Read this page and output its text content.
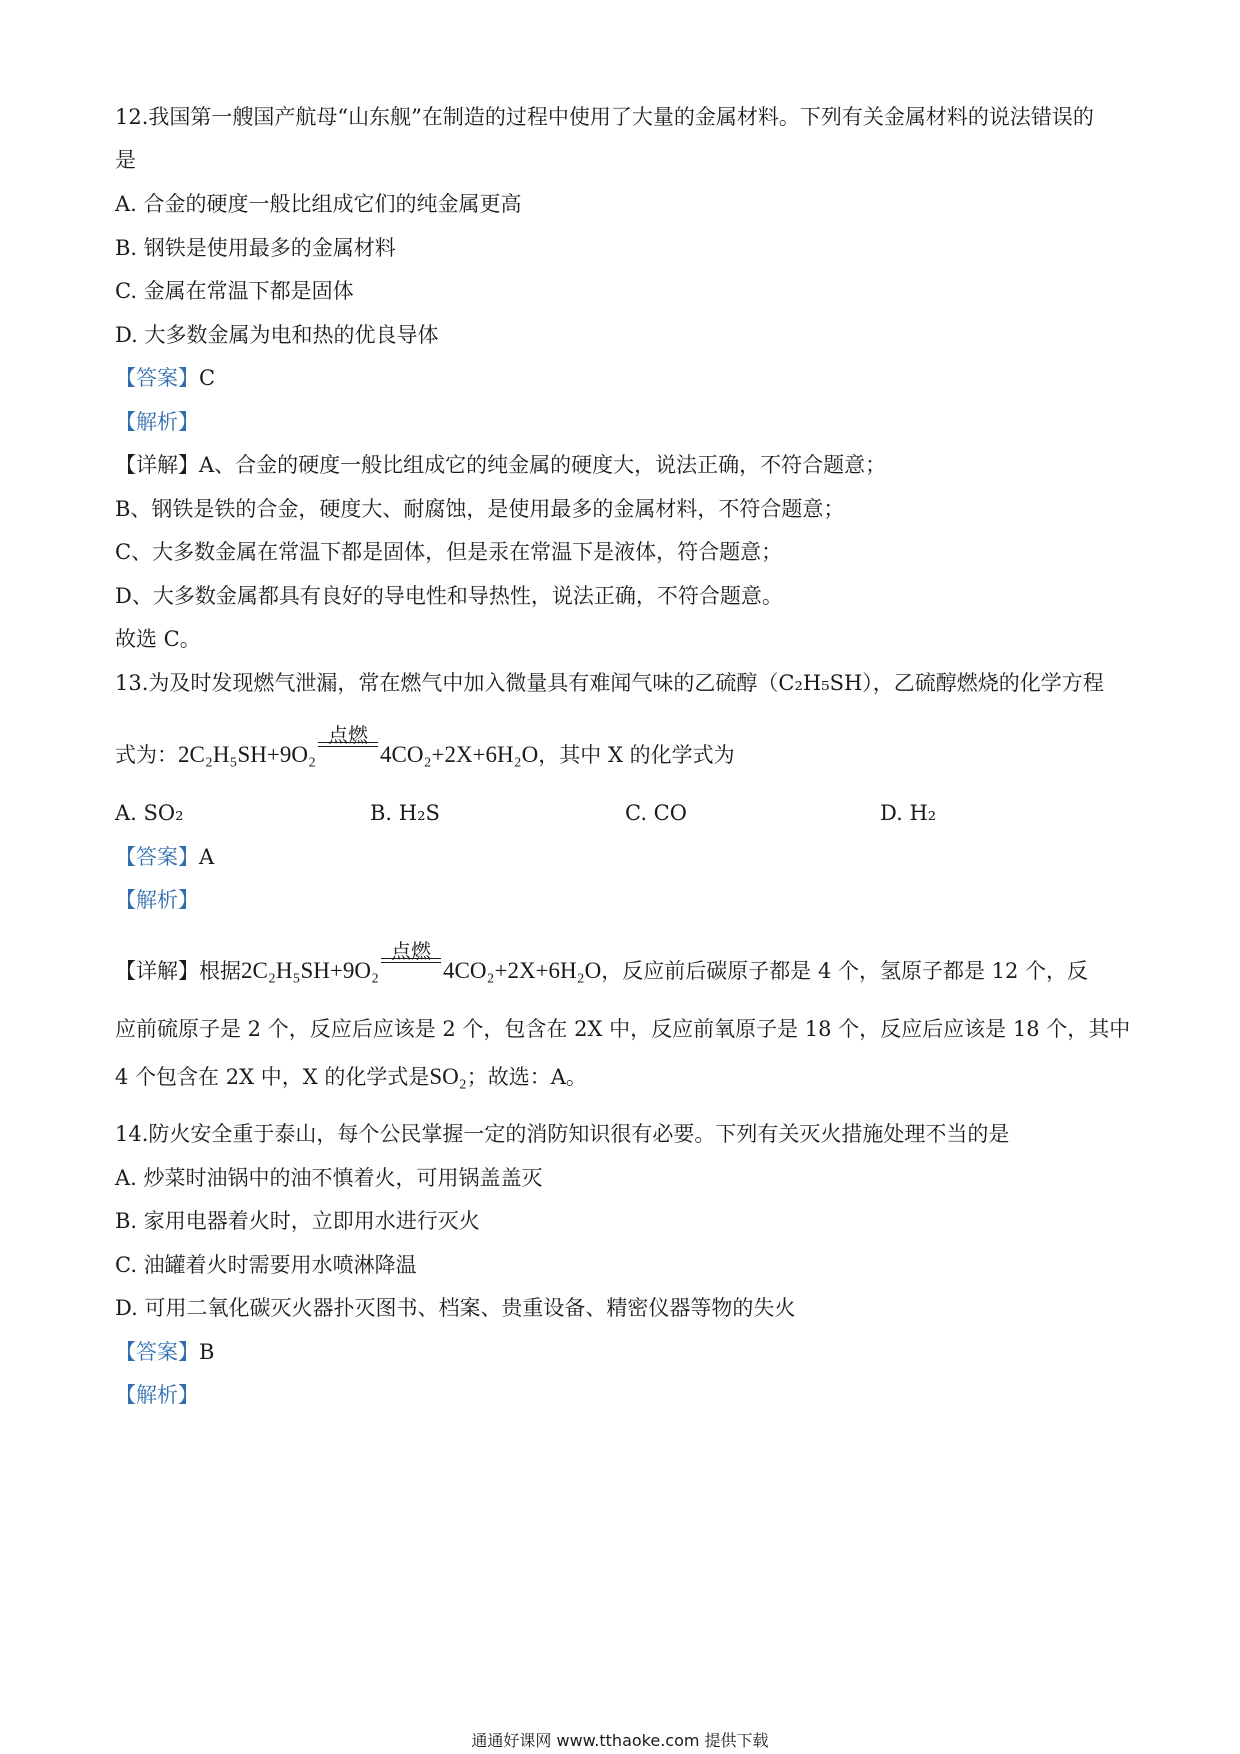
12.我国第一艘国产航母“山东舰”在制造的过程中使用了大量的金属材料。下列有关金属材料的说法错误的
是
A. 合金的硬度一般比组成它们的纯金属更高
B. 钢铁是使用最多的金属材料
C. 金属在常温下都是固体
D. 大多数金属为电和热的优良导体
【答案】C
【解析】
【详解】A、合金的硬度一般比组成它的纯金属的硬度大，说法正确，不符合题意；
B、钢铁是铁的合金，硬度大、耐腐蚀，是使用最多的金属材料，不符合题意；
C、大多数金属在常温下都是固体，但是汞在常温下是液体，符合题意；
D、大多数金属都具有良好的导电性和导热性，说法正确，不符合题意。
故选 C。
13.为及时发现燃气泄漏，常在燃气中加入微量具有难闻气味的乙硫醇（C₂H₅SH），乙硫醇燃烧的化学方程
式为：2C₂H₅SH+9O₂
点燃
4CO₂+2X+6H₂O，其中 X 的化学式为
A. SO₂	B. H₂S	C. CO	D. H₂
【答案】A
【解析】
【详解】根据2C₂H₅SH+9O₂
点燃
4CO₂+2X+6H₂O，反应前后碳原子都是 4 个，氢原子都是 12 个，反
应前硫原子是 2 个，反应后应该是 2 个，包含在 2X 中，反应前氧原子是 18 个，反应后应该是 18 个，其中
4 个包含在 2X 中，X 的化学式是SO₂；故选：A。
14.防火安全重于泰山，每个公民掌握一定的消防知识很有必要。下列有关灭火措施处理不当的是
A. 炒菜时油锅中的油不慎着火，可用锅盖盖灭
B. 家用电器着火时，立即用水进行灭火
C. 油罐着火时需要用水喷淋降温
D. 可用二氧化碳灭火器扑灭图书、档案、贵重设备、精密仪器等物的失火
【答案】B
【解析】
通通好课网 www.tthaoke.com 提供下载
